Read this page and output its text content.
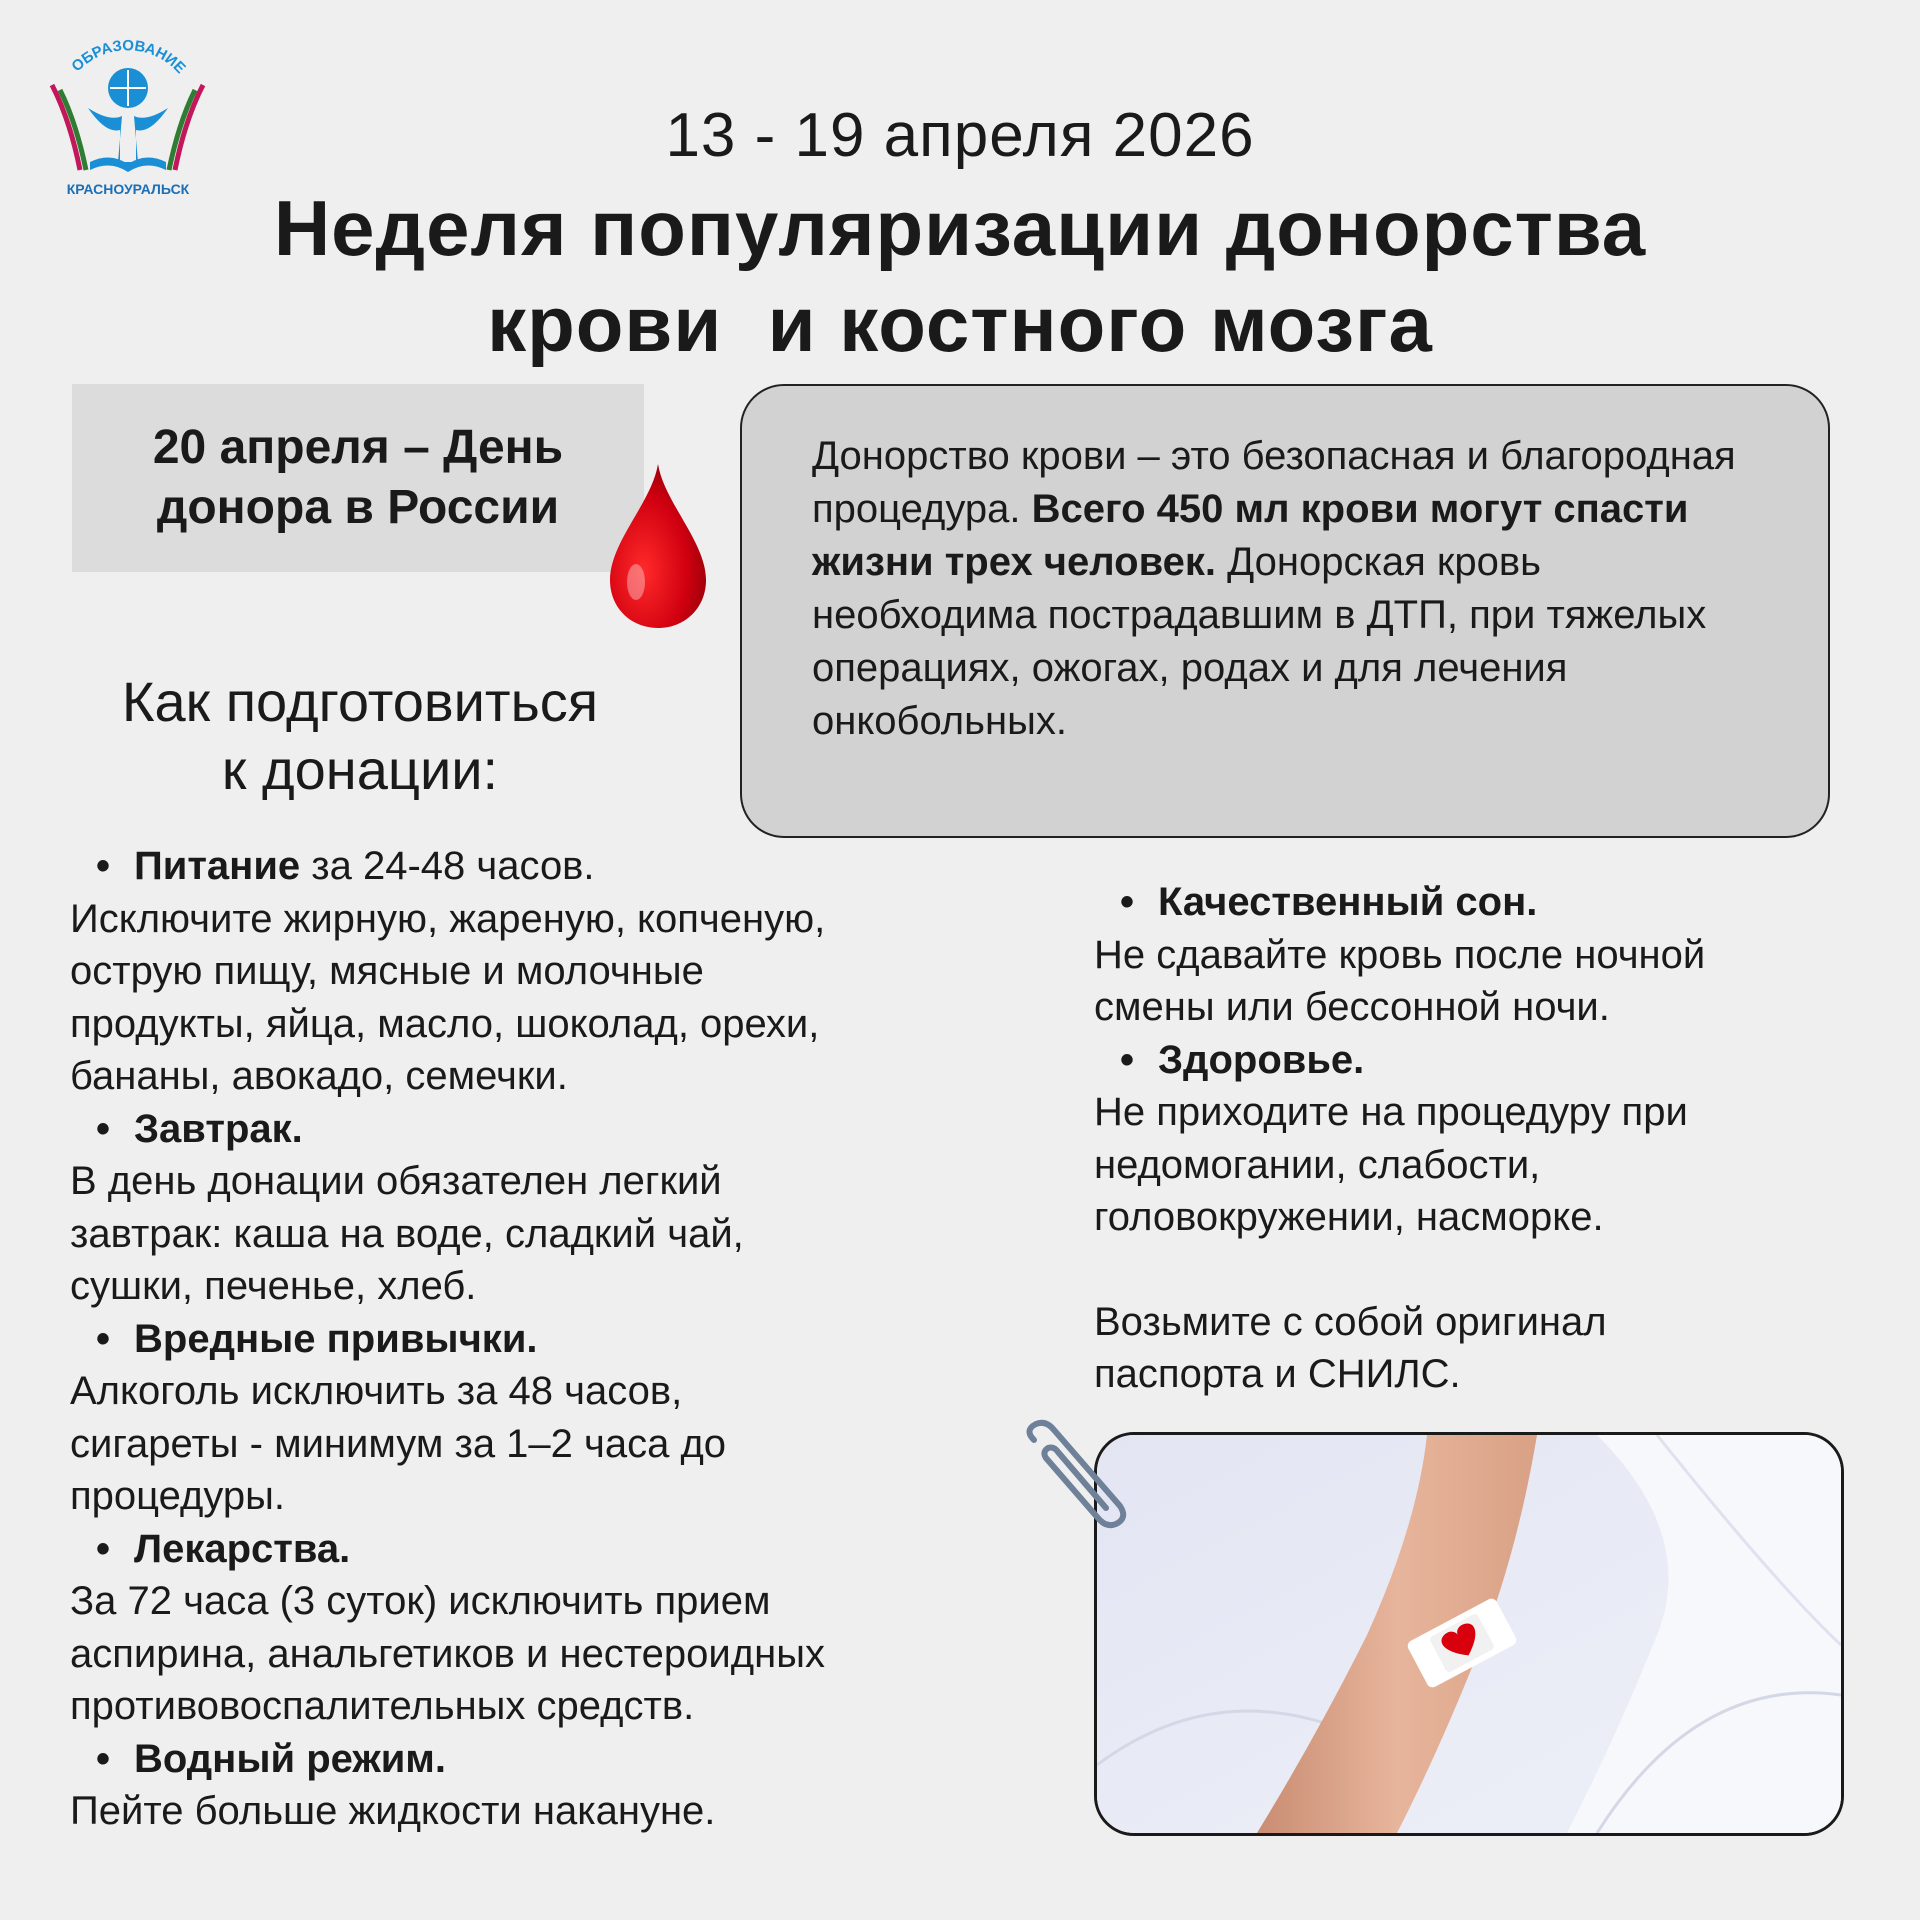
ОБРАЗОВАНИЕ
КРАСНОУРАЛЬСК
13 - 19 апреля 2026
Неделя популяризации донорства
крови  и костного мозга
20 апреля – День
донора в России
Донорство крови – это безопасная и благородная процедура. Всего 450 мл крови могут спасти жизни трех человек. Донорская кровь необходима пострадавшим в ДТП, при тяжелых операциях, ожогах, родах и для лечения онкобольных.
Как подготовиться
к донации:
• Питание за 24-48 часов.
Исключите жирную, жареную, копченую,
острую пищу, мясные и молочные
продукты, яйца, масло, шоколад, орехи,
бананы, авокадо, семечки.
• Завтрак.
В день донации обязателен легкий
завтрак: каша на воде, сладкий чай,
сушки, печенье, хлеб.
• Вредные привычки.
Алкоголь исключить за 48 часов,
сигареты - минимум за 1–2 часа до
процедуры.
• Лекарства.
За 72 часа (3 суток) исключить прием
аспирина, анальгетиков и нестероидных
противовоспалительных средств.
• Водный режим.
Пейте больше жидкости накануне.
• Качественный сон.
Не сдавайте кровь после ночной
смены или бессонной ночи.
• Здоровье.
Не приходите на процедуру при
недомогании, слабости,
головокружении, насморке.
Возьмите с собой оригинал
паспорта и СНИЛС.
